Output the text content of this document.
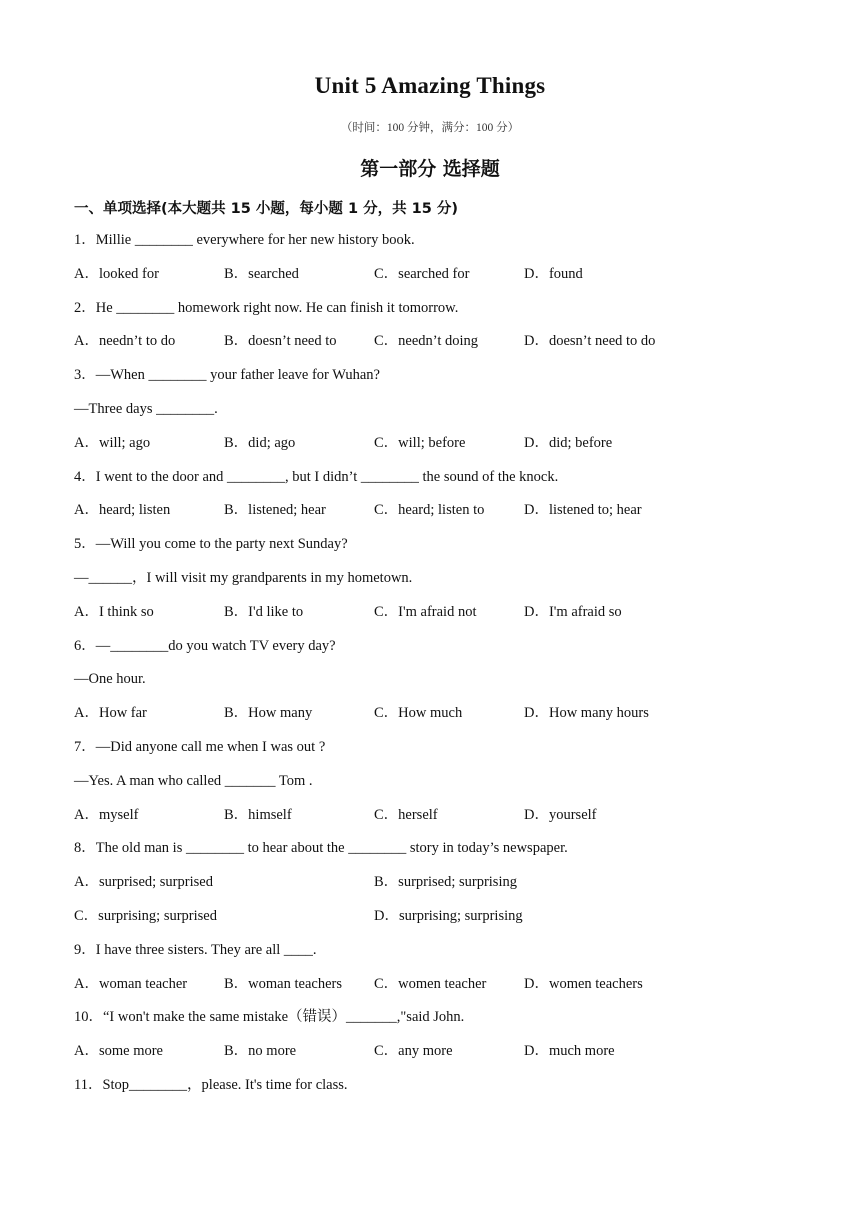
Unit 5 Amazing Things
（时间：100 分钟，满分：100 分）
第一部分 选择题
一、单项选择(本大题共 15 小题，每小题 1 分，共 15 分)
1．Millie ________ everywhere for her new history book.
A．looked for	B．searched	C．searched for	D．found
2．He ________ homework right now. He can finish it tomorrow.
A．needn’t to do	B．doesn’t need to	C．needn’t doing	D．doesn’t need to do
3．—When ________ your father leave for Wuhan?
—Three days ________.
A．will; ago	B．did; ago	C．will; before	D．did; before
4．I went to the door and ________, but I didn’t ________ the sound of the knock.
A．heard; listen	B．listened; hear	C．heard; listen to	D．listened to; hear
5．—Will you come to the party next Sunday?
—______，I will visit my grandparents in my hometown.
A．I think so	B．I'd like to	C．I'm afraid not	D．I'm afraid so
6．—________do you watch TV every day?
—One hour.
A．How far	B．How many	C．How much	D．How many hours
7．—Did anyone call me when I was out ?
—Yes. A man who called _______ Tom .
A．myself	B．himself	C．herself	D．yourself
8．The old man is ________ to hear about the ________ story in today’s newspaper.
A．surprised; surprised	B．surprised; surprising
C．surprising; surprised	D．surprising; surprising
9．I have three sisters. They are all ____.
A．woman teacher	B．woman teachers	C．women teacher	D．women teachers
10．“I won't make the same mistake（错误）_______,"said John.
A．some more	B．no more	C．any more	D．much more
11．Stop________，please. It's time for class.
